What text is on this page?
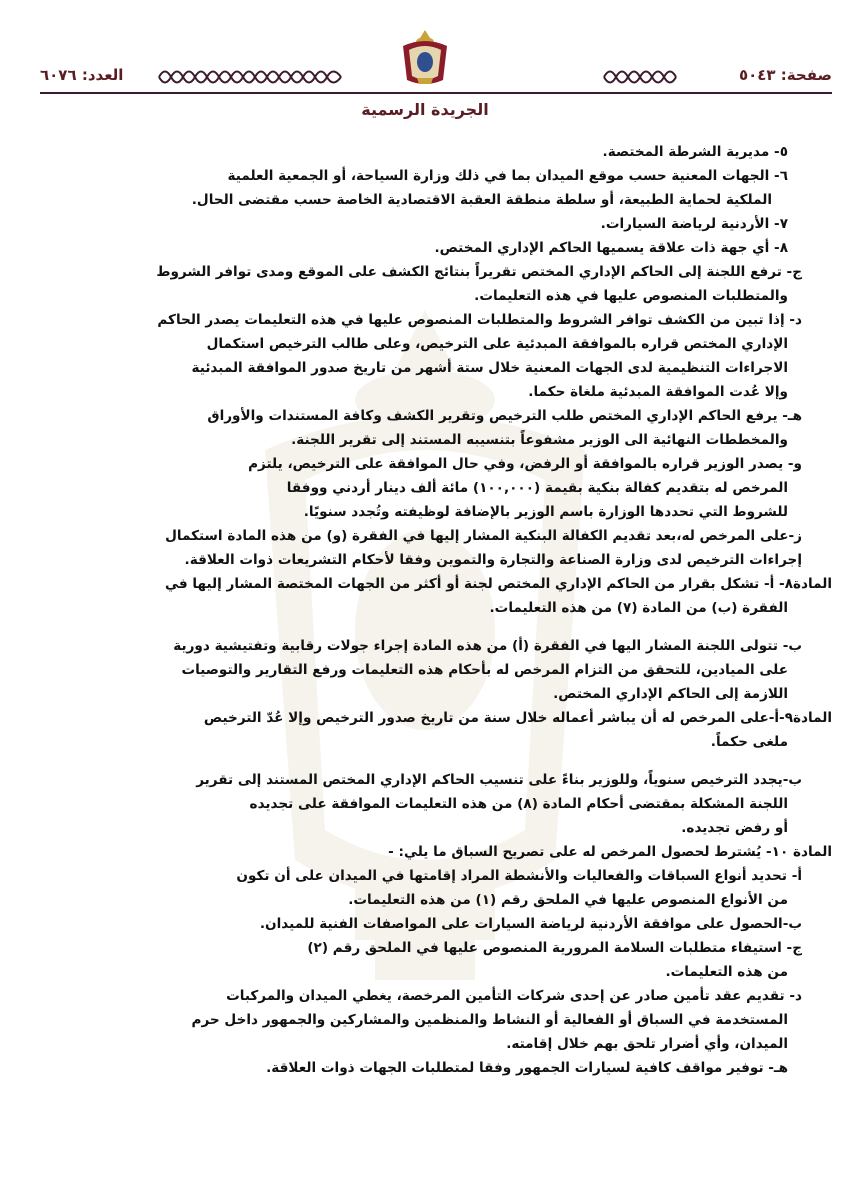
صفحة: ٥٠٤٣
العدد: ٦٠٧٦
الجريدة الرسمية
٥- مديرية الشرطة المختصة.
٦- الجهات المعنية حسب موقع الميدان بما في ذلك وزارة السياحة، أو الجمعية العلمية
الملكية لحماية الطبيعة، أو سلطة منطقة العقبة الاقتصادية الخاصة حسب مقتضى الحال.
٧- الأردنية لرياضة السيارات.
٨- أي جهة ذات علاقة يسميها الحاكم الإداري المختص.
ج- ترفع اللجنة إلى الحاكم الإداري المختص تقريراً بنتائج الكشف على الموقع ومدى توافر الشروط
والمتطلبات المنصوص عليها في هذه التعليمات.
د- إذا تبين من الكشف توافر الشروط والمتطلبات المنصوص عليها في هذه التعليمات يصدر الحاكم
الإداري المختص قراره بالموافقة المبدئية على الترخيص، وعلى طالب الترخيص استكمال
الاجراءات التنظيمية لدى الجهات المعنية خلال ستة أشهر من تاريخ صدور الموافقة المبدئية
وإلا عُدت الموافقة المبدئية ملغاة حكما.
هـ- يرفع الحاكم الإداري المختص طلب الترخيص وتقرير الكشف وكافة المستندات والأوراق
والمخططات النهائية الى الوزير مشفوعاً بتنسيبه المستند إلى تقرير اللجنة.
و- يصدر الوزير قراره بالموافقة أو الرفض، وفي حال الموافقة على الترخيص، يلتزم
المرخص له بتقديم كفالة بنكية بقيمة (١٠٠,٠٠٠) مائة ألف دينار أردني ووفقا
للشروط التي تحددها الوزارة باسم الوزير بالإضافة لوظيفته وتُجدد سنويًا.
ز-على المرخص له،بعد تقديم الكفالة البنكية المشار إليها في الفقرة (و) من هذه المادة استكمال
إجراءات الترخيص لدى وزارة الصناعة والتجارة والتموين وفقا لأحكام التشريعات ذوات العلاقة.
المادة٨- أ- تشكل بقرار من الحاكم الإداري المختص لجنة أو أكثر من الجهات المختصة المشار إليها في
الفقرة (ب) من المادة (٧) من هذه التعليمات.
ب- تتولى اللجنة المشار اليها في الفقرة (أ) من هذه المادة إجراء جولات رقابية وتفتيشية دورية
على الميادين، للتحقق من التزام المرخص له بأحكام هذه التعليمات ورفع التقارير والتوصيات
اللازمة إلى الحاكم الإداري المختص.
المادة٩-أ-على المرخص له أن يباشر أعماله خلال سنة من تاريخ صدور الترخيص وإلا عُدّ الترخيص
ملغى حكماً.
ب-يجدد الترخيص سنوياً، وللوزير بناءً على تنسيب الحاكم الإداري المختص المستند إلى تقرير
اللجنة المشكلة بمقتضى أحكام المادة (٨) من هذه التعليمات الموافقة على تجديده
أو رفض تجديده.
المادة ١٠- يُشترط لحصول المرخص له على تصريح السباق ما يلي: -
أ- تحديد أنواع السباقات والفعاليات والأنشطة المراد إقامتها في الميدان على أن تكون
من الأنواع المنصوص عليها في الملحق رقم (١) من هذه التعليمات.
ب-الحصول على موافقة الأردنية لرياضة السيارات على المواصفات الفنية للميدان.
ج- استيفاء متطلبات السلامة المرورية المنصوص عليها في الملحق رقم (٢)
من هذه التعليمات.
د- تقديم عقد تأمين صادر عن إحدى شركات التأمين المرخصة، يغطي الميدان والمركبات
المستخدمة في السباق أو الفعالية أو النشاط والمنظمين والمشاركين والجمهور داخل حرم
الميدان، وأي أضرار تلحق بهم خلال إقامته.
هـ- توفير مواقف كافية لسيارات الجمهور وفقا لمتطلبات الجهات ذوات العلاقة.
